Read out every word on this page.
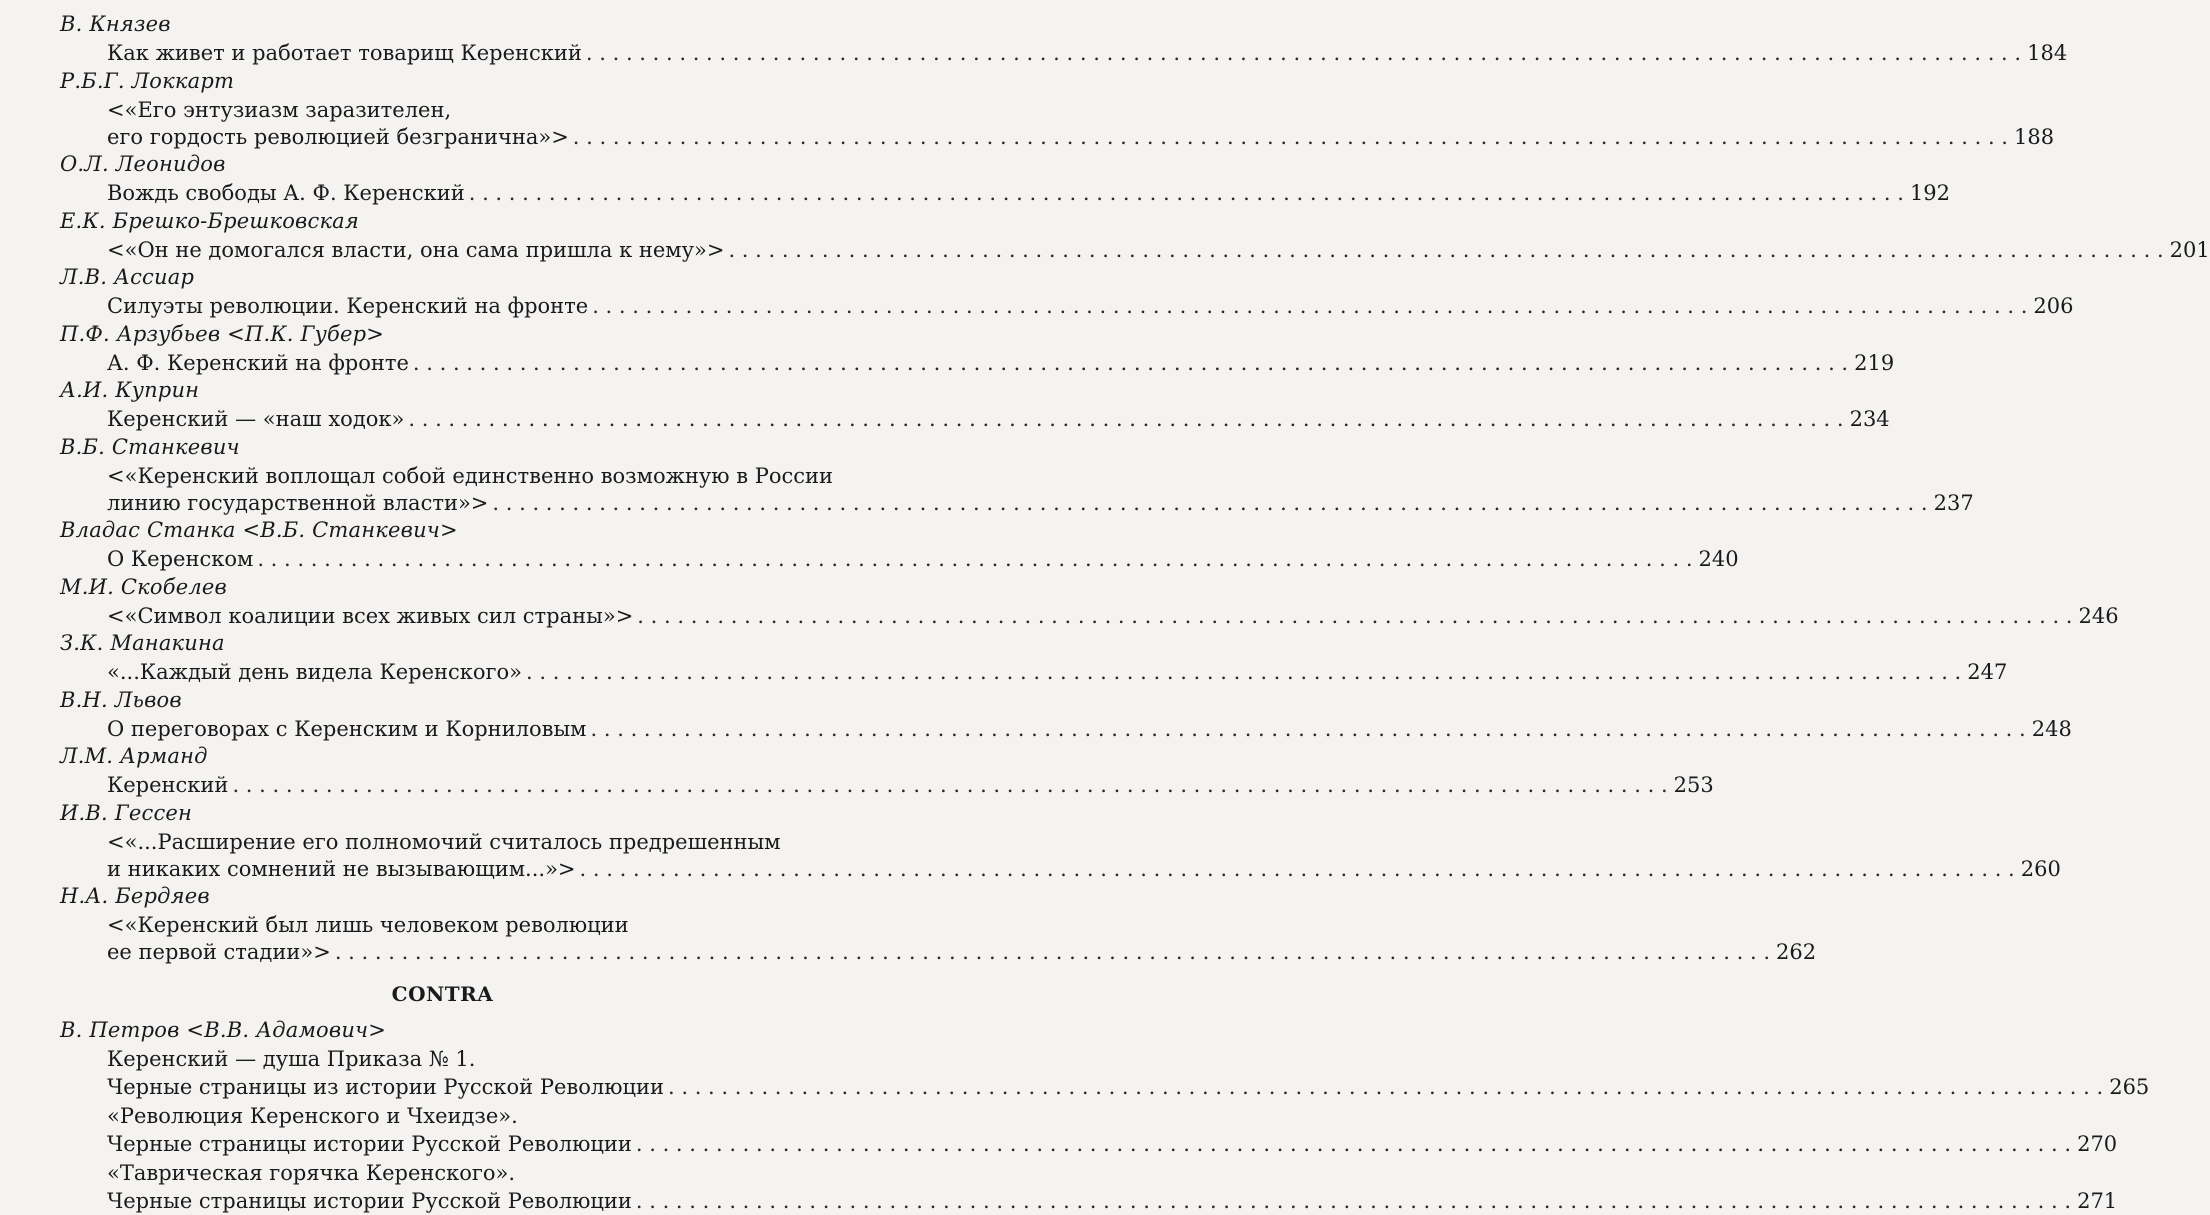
В. Князев
Как живет и работает товарищ Керенский . . .	184
Р.Б.Г. Локкарт
<«Его энтузиазм заразителен,
его гордость революцией безгранична»> . . .	188
О.Л. Леонидов
Вождь свободы А. Ф. Керенский . . .	192
Е.К. Брешко-Брешковская
<«Он не домогался власти, она сама пришла к нему»> . . .	201
Л.В. Ассиар
Силуэты революции. Керенский на фронте . . .	206
П.Ф. Арзубьев <П.К. Губер>
А. Ф. Керенский на фронте . . .	219
А.И. Куприн
Керенский — «наш ходок» . . .	234
В.Б. Станкевич
<«Керенский воплощал собой единственно возможную в России
линию государственной власти»> . . .	237
Владас Станка <В.Б. Станкевич>
О Керенском . . .	240
М.И. Скобелев
<«Символ коалиции всех живых сил страны»> . . .	246
З.К. Манакина
«...Каждый день видела Керенского» . . .	247
В.Н. Львов
О переговорах с Керенским и Корниловым . . .	248
Л.М. Арманд
Керенский . . .	253
И.В. Гессен
<«...Расширение его полномочий считалось предрешенным
и никаких сомнений не вызывающим...»> . . .	260
Н.А. Бердяев
<«Керенский был лишь человеком революции
ее первой стадии»> . . .	262
CONTRA
В. Петров <В.В. Адамович>
Керенский — душа Приказа № 1.
Черные страницы из истории Русской Революции . . .	265
«Революция Керенского и Чхеидзе».
Черные страницы истории Русской Революции . . .	270
«Таврическая горячка Керенского».
Черные страницы истории Русской Революции . . .	271
